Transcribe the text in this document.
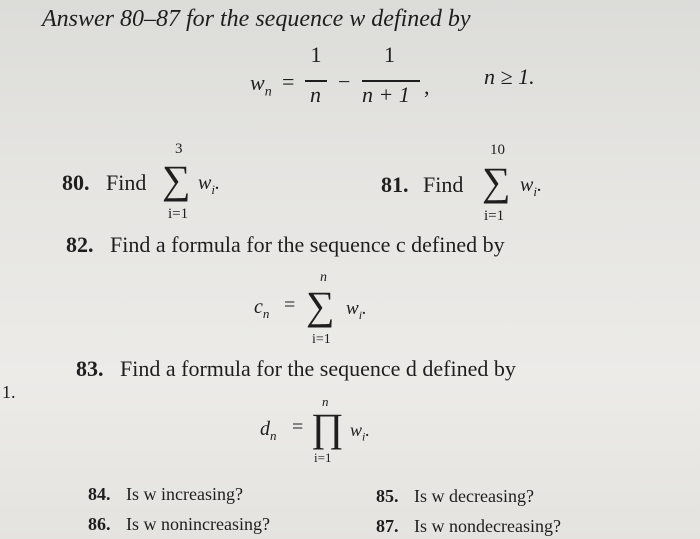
Answer 80–87 for the sequence w defined by
$w_n$ =
1
n
−
1
n + 1 , n ≥ 1.
80. Find
3
∑
i=1
$w_i$.	81. Find
10
∑
i=1
$w_i$.
82. Find a formula for the sequence c defined by
$c_n$ =
n
∑
i=1
$w_i$.
83. Find a formula for the sequence d defined by
$d_n$ =
n
∏
i=1
$w_i$.
1.
84. Is w increasing?	85. Is w decreasing?
86. Is w nonincreasing?	87. Is w nondecreasing?
